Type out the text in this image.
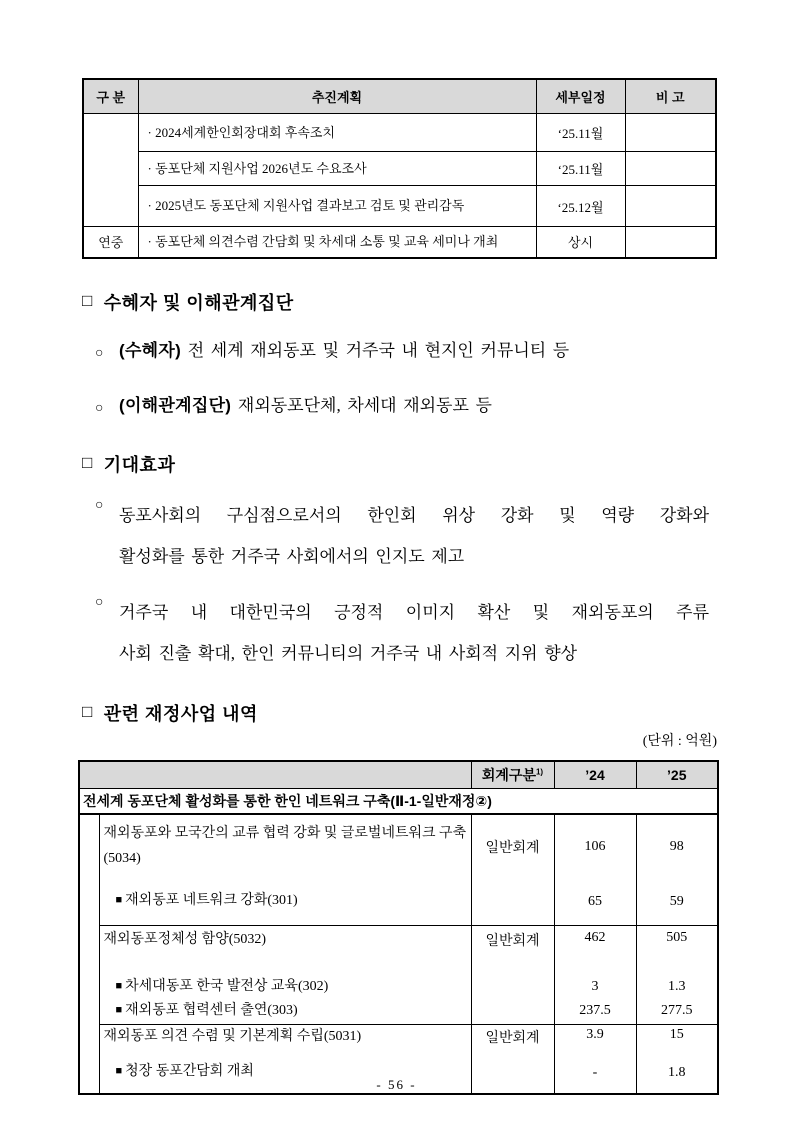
구 분	추진계획	세부일정	비 고
	· 2024세계한인회장대회 후속조치	‘25.11월	
	· 동포단체 지원사업 2026년도 수요조사	‘25.11월	
	· 2025년도 동포단체 지원사업 결과보고 검토 및 관리감독	‘25.12월	
연중	· 동포단체 의견수렴 간담회 및 차세대 소통 및 교육 세미나 개최	상시	
□ 수혜자 및 이해관계집단
○ (수혜자) 전 세계 재외동포 및 거주국 내 현지인 커뮤니티 등
○ (이해관계집단) 재외동포단체, 차세대 재외동포 등
□ 기대효과
○
동포사회의 구심점으로서의 한인회 위상 강화 및 역량 강화와
활성화를 통한 거주국 사회에서의 인지도 제고
○
거주국 내 대한민국의 긍정적 이미지 확산 및 재외동포의 주류
사회 진출 확대, 한인 커뮤니티의 거주국 내 사회적 지위 향상
□ 관련 재정사업 내역
(단위 : 억원)
		회계구분$^{1)}$	’24	’25
전세계 동포단체 활성화를 통한 한인 네트워크 구축(Ⅱ-1-일반재정②)				
	재외동포와 모국간의 교류 협력 강화 및 글로벌네트워크 구축(5034)	일반회계	106	98
	■ 재외동포 네트워크 강화(301)		65	59
	재외동포정체성 함양(5032)	일반회계	462	505
	■ 차세대동포 한국 발전상 교육(302)		3	1.3
	■ 재외동포 협력센터 출연(303)		237.5	277.5
	재외동포 의견 수렴 및 기본계획 수립(5031)	일반회계	3.9	15
	■ 청장 동포간담회 개최		-	1.8
- 56 -
